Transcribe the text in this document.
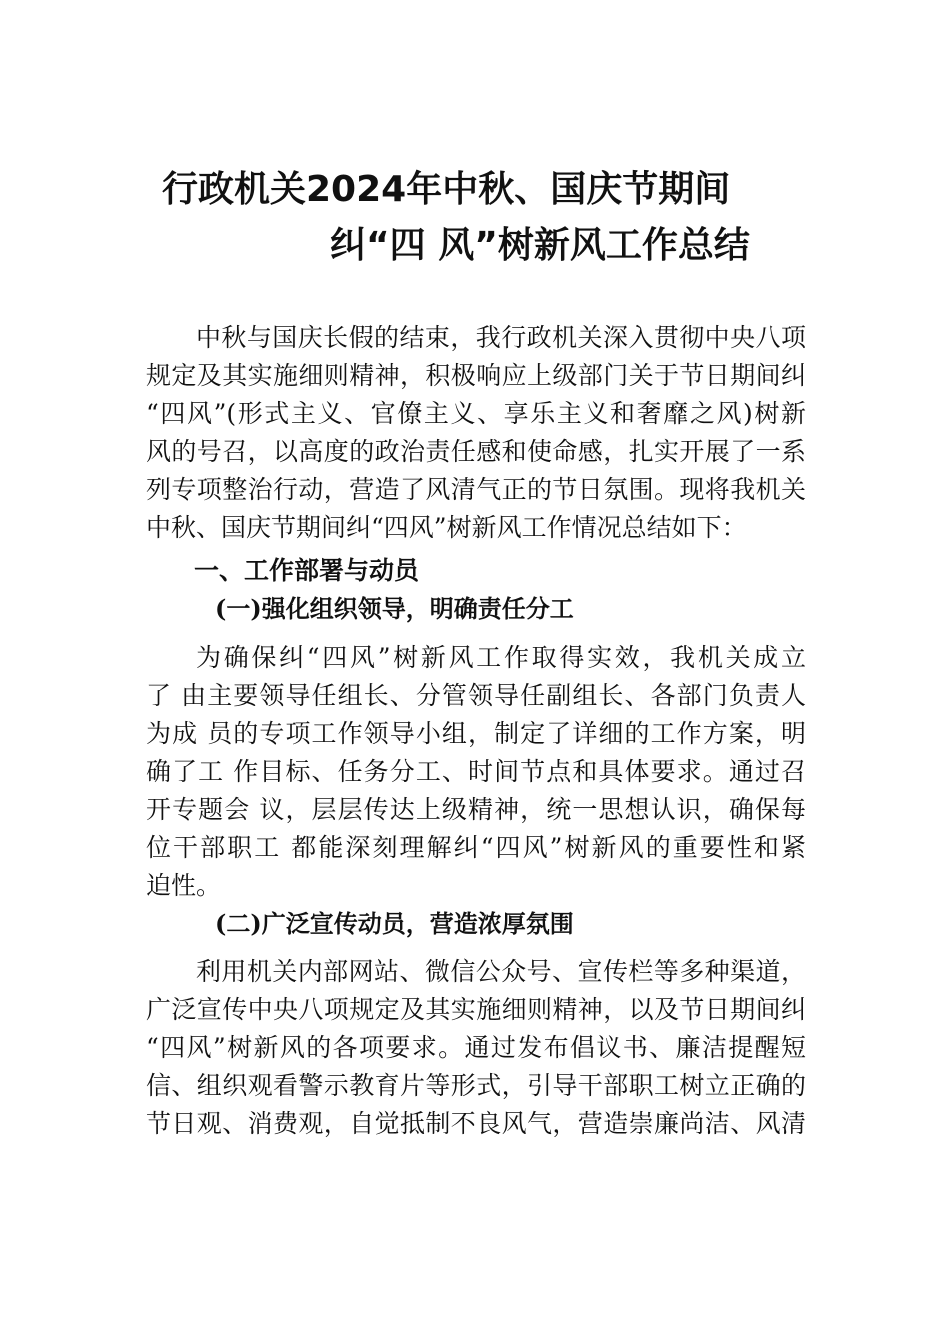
行政机关2024年中秋、国庆节期间
纠“四 风”树新风工作总结
中秋与国庆长假的结束，我行政机关深入贯彻中央八项
规定及其实施细则精神，积极响应上级部门关于节日期间纠
“四风”(形式主义、官僚主义、享乐主义和奢靡之风)树新
风的号召，以高度的政治责任感和使命感，扎实开展了一系
列专项整治行动，营造了风清气正的节日氛围。现将我机关
中秋、国庆节期间纠“四风”树新风工作情况总结如下：
一、工作部署与动员
(一)强化组织领导，明确责任分工
为确保纠“四风”树新风工作取得实效，我机关成立
了 由主要领导任组长、分管领导任副组长、各部门负责人
为成 员的专项工作领导小组，制定了详细的工作方案，明
确了工 作目标、任务分工、时间节点和具体要求。通过召
开专题会 议，层层传达上级精神，统一思想认识，确保每
位干部职工 都能深刻理解纠“四风”树新风的重要性和紧
迫性。
(二)广泛宣传动员，营造浓厚氛围
利用机关内部网站、微信公众号、宣传栏等多种渠道，
广泛宣传中央八项规定及其实施细则精神，以及节日期间纠
“四风”树新风的各项要求。通过发布倡议书、廉洁提醒短
信、组织观看警示教育片等形式，引导干部职工树立正确的
节日观、消费观，自觉抵制不良风气，营造崇廉尚洁、风清
